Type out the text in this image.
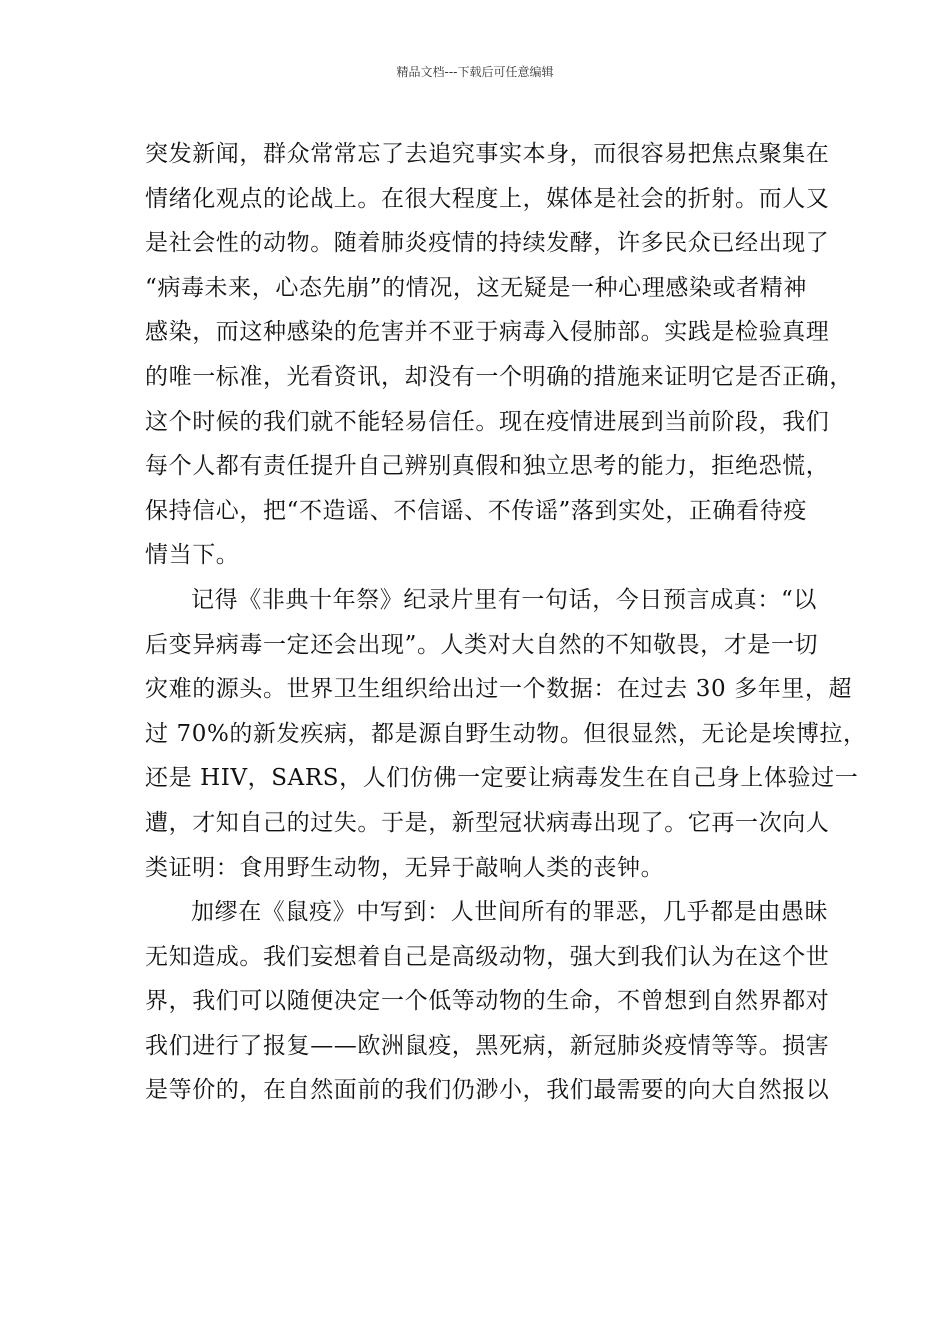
精品文档---下载后可任意编辑
突发新闻，群众常常忘了去追究事实本身，而很容易把焦点聚集在
情绪化观点的论战上。在很大程度上，媒体是社会的折射。而人又
是社会性的动物。随着肺炎疫情的持续发酵，许多民众已经出现了
“病毒未来，心态先崩”的情况，这无疑是一种心理感染或者精神
感染，而这种感染的危害并不亚于病毒入侵肺部。实践是检验真理
的唯一标准，光看资讯，却没有一个明确的措施来证明它是否正确，
这个时候的我们就不能轻易信任。现在疫情进展到当前阶段，我们
每个人都有责任提升自己辨别真假和独立思考的能力，拒绝恐慌，
保持信心，把“不造谣、不信谣、不传谣”落到实处，正确看待疫
情当下。
记得《非典十年祭》纪录片里有一句话，今日预言成真：“以
后变异病毒一定还会出现”。人类对大自然的不知敬畏，才是一切
灾难的源头。世界卫生组织给出过一个数据：在过去 30 多年里，超
过 70%的新发疾病，都是源自野生动物。但很显然，无论是埃博拉，
还是 HIV，SARS，人们仿佛一定要让病毒发生在自己身上体验过一
遭，才知自己的过失。于是，新型冠状病毒出现了。它再一次向人
类证明：食用野生动物，无异于敲响人类的丧钟。
加缪在《鼠疫》中写到：人世间所有的罪恶，几乎都是由愚昧
无知造成。我们妄想着自己是高级动物，强大到我们认为在这个世
界，我们可以随便决定一个低等动物的生命，不曾想到自然界都对
我们进行了报复——欧洲鼠疫，黑死病，新冠肺炎疫情等等。损害
是等价的，在自然面前的我们仍渺小，我们最需要的向大自然报以
